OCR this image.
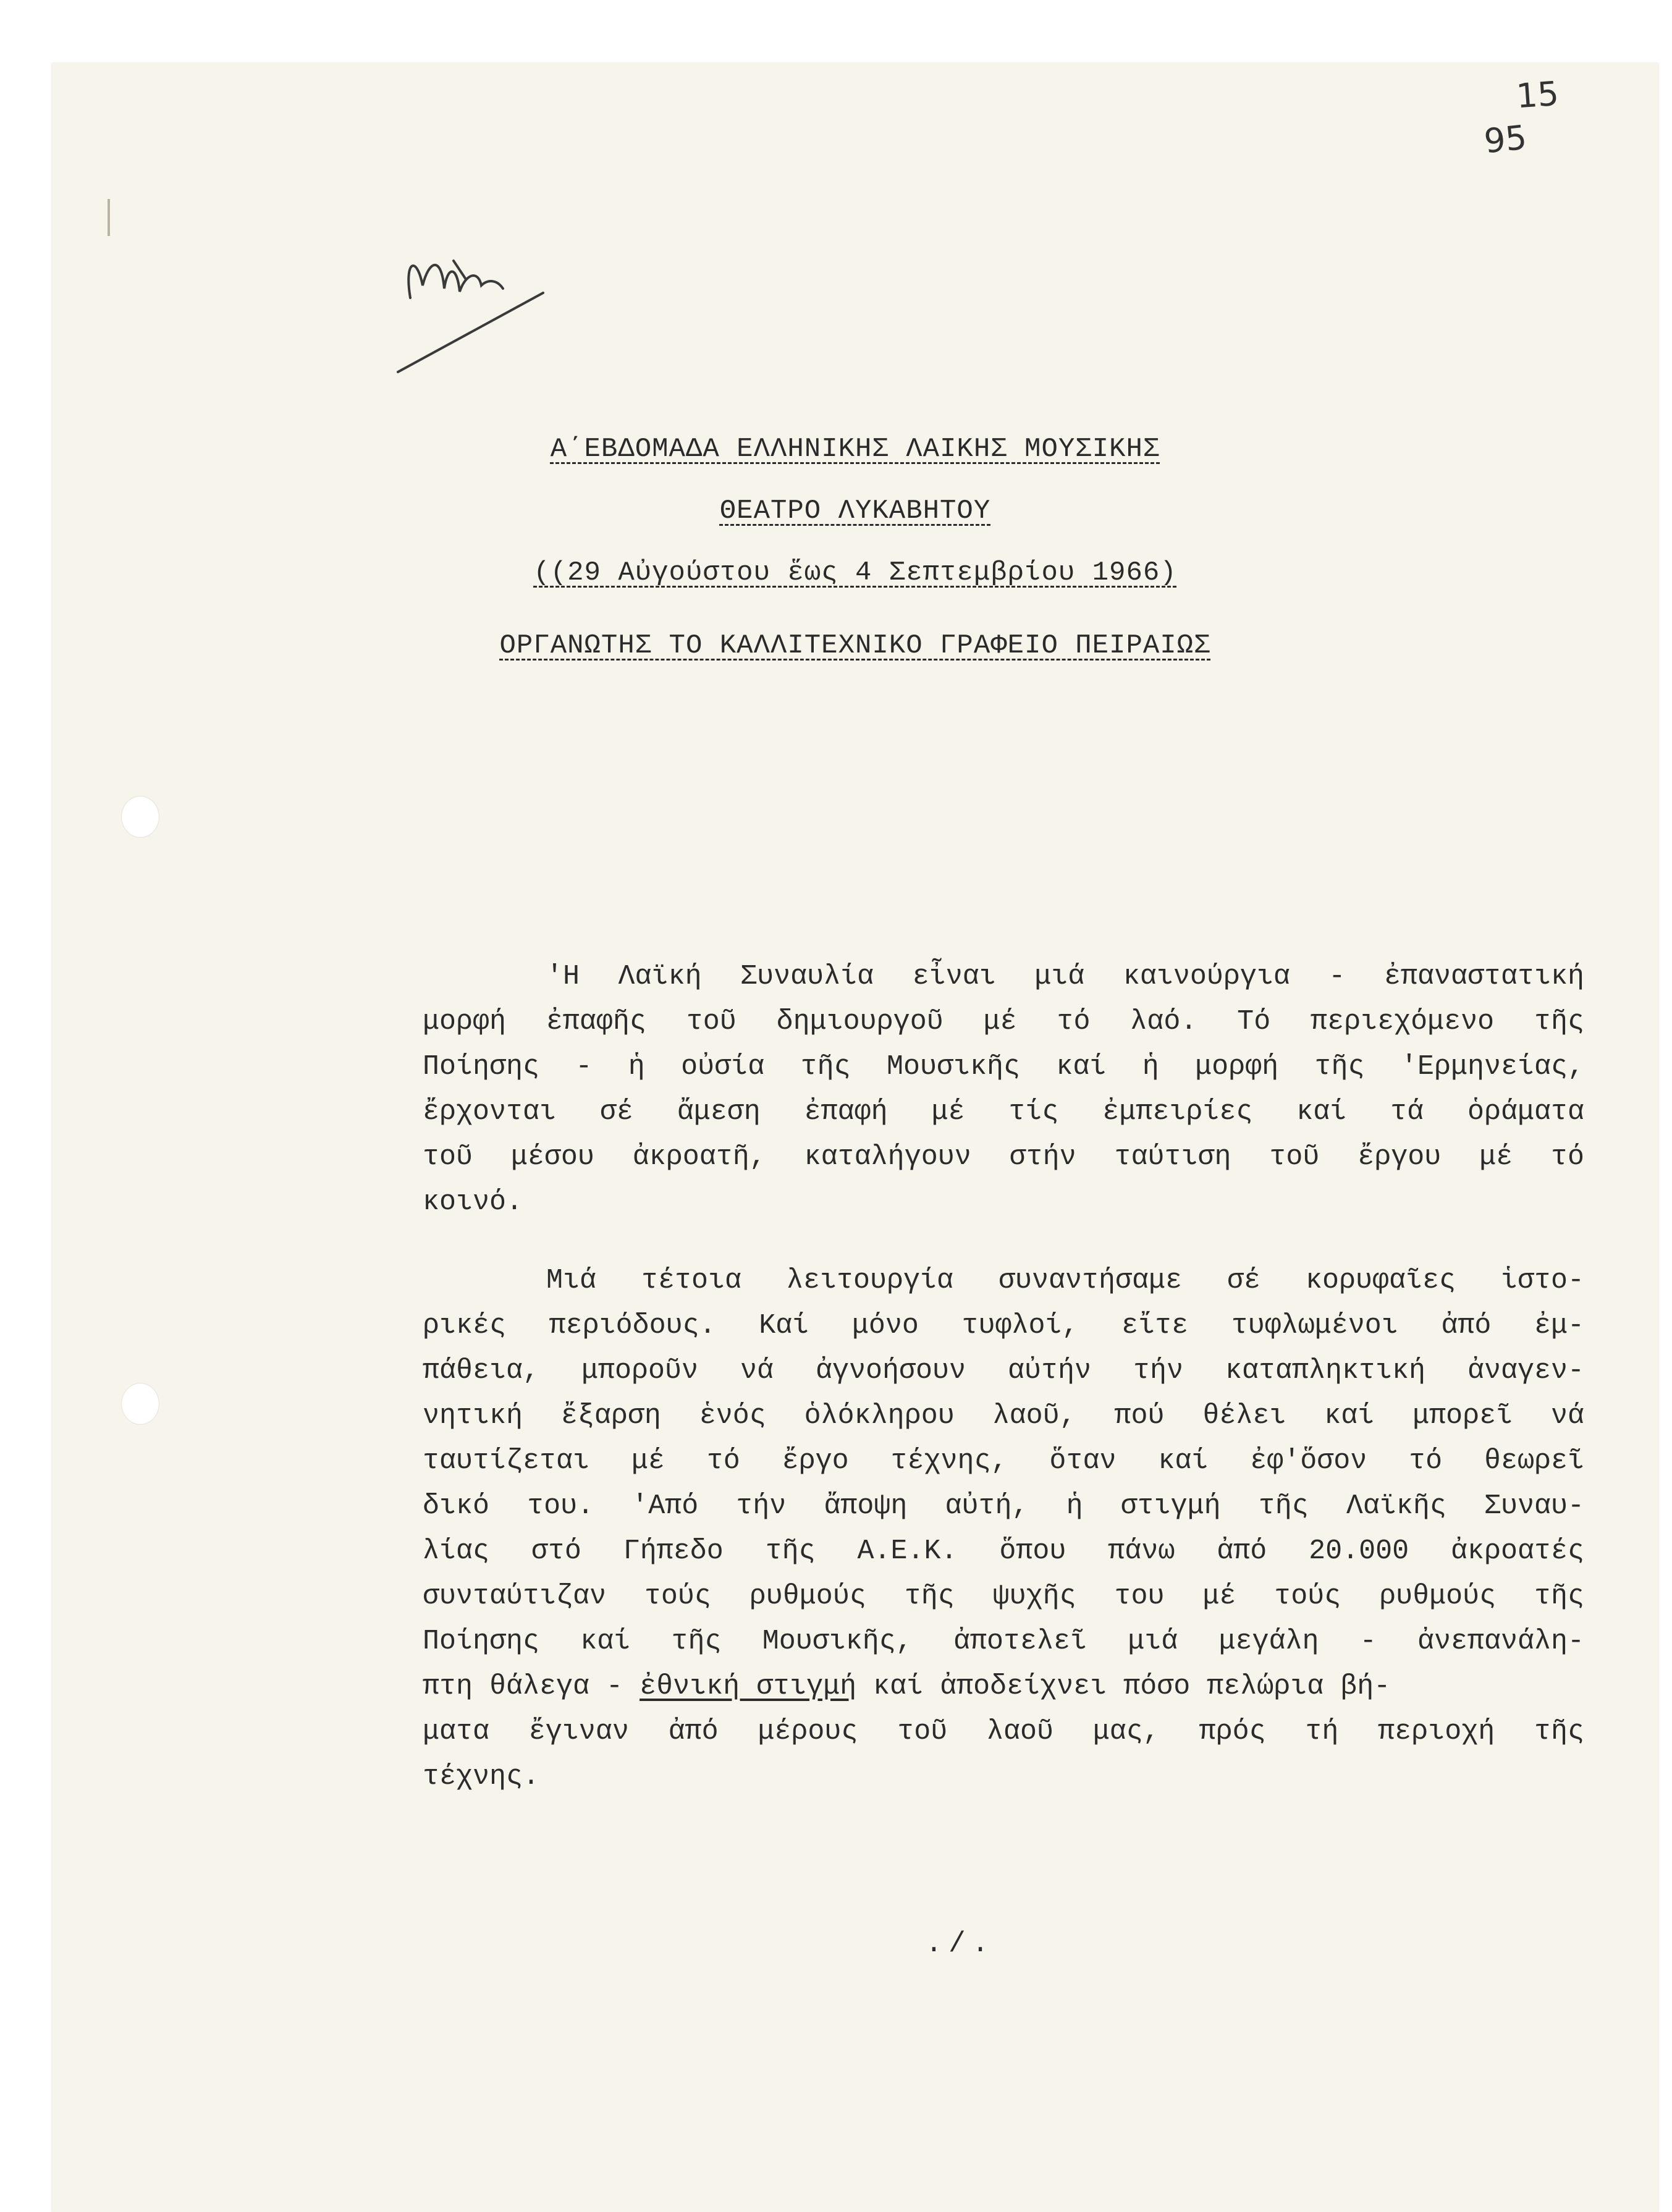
15
95
Α΄ΕΒΔΟΜΑΔΑ ΕΛΛΗΝΙΚΗΣ ΛΑΙΚΗΣ ΜΟΥΣΙΚΗΣ
ΘΕΑΤΡΟ ΛΥΚΑΒΗΤΟΥ
((29 Αὐγούστου ἕως 4 Σεπτεμβρίου 1966)
ΟΡΓΑΝΩΤΗΣ ΤΟ ΚΑΛΛΙΤΕΧΝΙΚΟ ΓΡΑΦΕΙΟ ΠΕΙΡΑΙΩΣ
'Η Λαϊκή Συναυλία εἶναι μιά καινούργια - ἐπαναστατική
μορφή ἐπαφῆς τοῦ δημιουργοῦ μέ τό λαό. Τό περιεχόμενο τῆς
Ποίησης - ἡ οὐσία τῆς Μουσικῆς καί ἡ μορφή τῆς 'Ερμηνείας,
ἔρχονται σέ ἄμεση ἐπαφή μέ τίς ἐμπειρίες καί τά ὁράματα
τοῦ μέσου ἀκροατῆ, καταλήγουν στήν ταύτιση τοῦ ἔργου μέ τό
κοινό.
Μιά τέτοια λειτουργία συναντήσαμε σέ κορυφαῖες ἱστο-
ρικές περιόδους. Καί μόνο τυφλοί, εἴτε τυφλωμένοι ἀπό ἐμ-
πάθεια, μποροῦν νά ἀγνοήσουν αὐτήν τήν καταπληκτική ἀναγεν-
νητική ἔξαρση ἑνός ὁλόκληρου λαοῦ, πού θέλει καί μπορεῖ νά
ταυτίζεται μέ τό ἔργο τέχνης, ὅταν καί ἐφ'ὅσον τό θεωρεῖ
δικό του. 'Από τήν ἄποψη αὐτή, ἡ στιγμή τῆς Λαϊκῆς Συναυ-
λίας στό Γήπεδο τῆς Α.Ε.Κ. ὅπου πάνω ἀπό 20.000 ἀκροατές
συνταύτιζαν τούς ρυθμούς τῆς ψυχῆς του μέ τούς ρυθμούς τῆς
Ποίησης καί τῆς Μουσικῆς, ἀποτελεῖ μιά μεγάλη - ἀνεπανάλη-
πτη θάλεγα - ἐθνική στιγμή καί ἀποδείχνει πόσο πελώρια βή-
ματα ἔγιναν ἀπό μέρους τοῦ λαοῦ μας, πρός τή περιοχή τῆς
τέχνης.
./.
